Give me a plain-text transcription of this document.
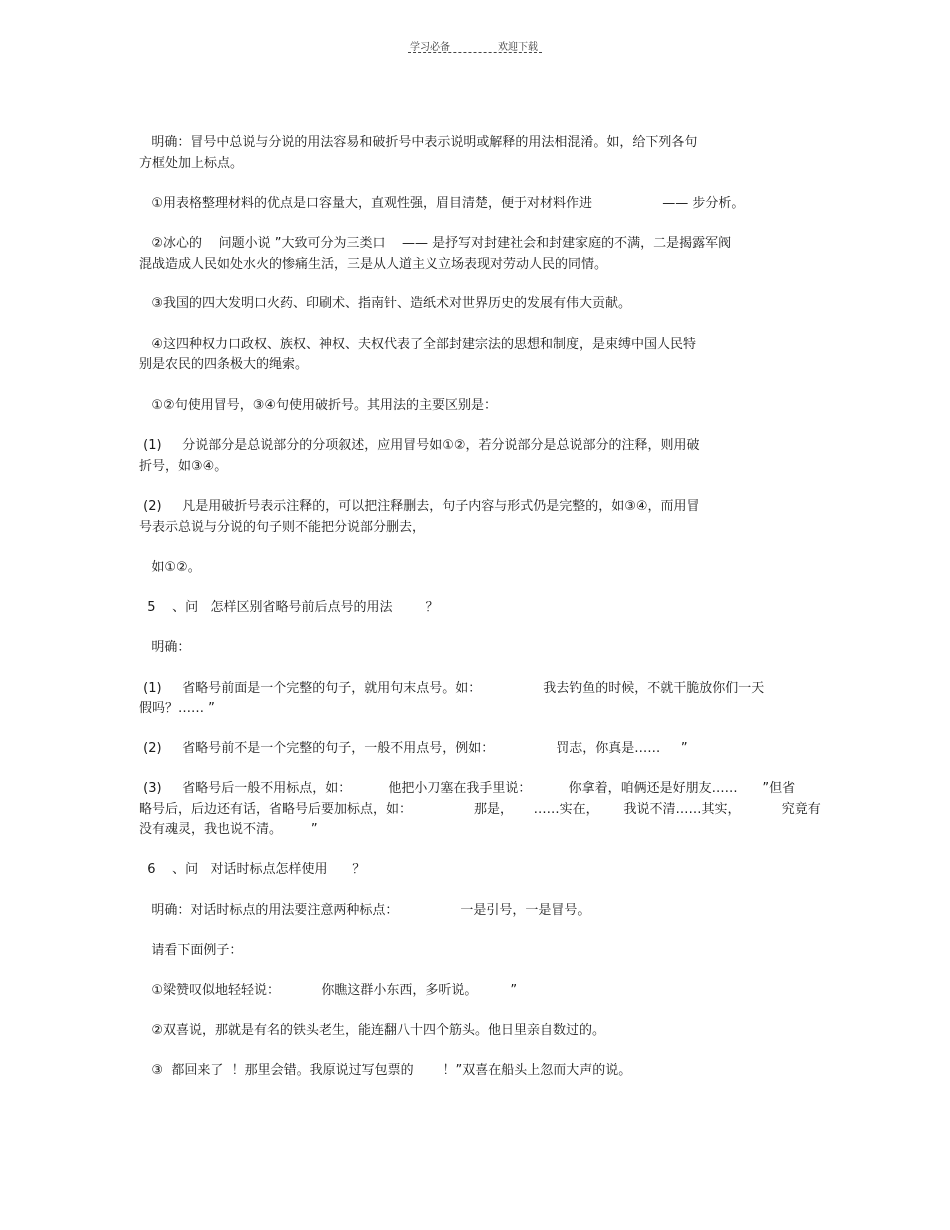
学习必备	欢迎下载
明确：冒号中总说与分说的用法容易和破折号中表示说明或解释的用法相混淆。如，给下列各句
方框处加上标点。
①用表格整理材料的优点是口容量大，直观性强，眉目清楚，便于对材料作进                 —— 步分析。
②冰心的    问题小说 ”大致可分为三类口    —— 是抒写对封建社会和封建家庭的不满，二是揭露军阀
混战造成人民如处水火的惨痛生活，三是从人道主义立场表现对劳动人民的同情。
③我国的四大发明口火药、印刷术、指南针、造纸术对世界历史的发展有伟大贡献。
④这四种权力口政权、族权、神权、夫权代表了全部封建宗法的思想和制度，是束缚中国人民特
别是农民的四条极大的绳索。
①②句使用冒号，③④句使用破折号。其用法的主要区别是：
(1)     分说部分是总说部分的分项叙述，应用冒号如①②，若分说部分是总说部分的注释，则用破
折号，如③④。
(2)     凡是用破折号表示注释的，可以把注释删去，句子内容与形式仍是完整的，如③④，而用冒
号表示总说与分说的句子则不能把分说部分删去，
如①②。
5    、问   怎样区别省略号前后点号的用法        ？
明确：
(1)     省略号前面是一个完整的句子，就用句末点号。如：               我去钓鱼的时候，不就干脆放你们一天
假吗？…… ”
(2)     省略号前不是一个完整的句子，一般不用点号，例如：               罚志，你真是……     ”
(3)     省略号后一般不用标点，如：         他把小刀塞在我手里说：         你拿着，咱俩还是好朋友……      ”但省
略号后，后边还有话，省略号后要加标点，如：               那是，     ……实在，      我说不清……其实，          究竟有
没有魂灵，我也说不清。       ”
6    、问   对话时标点怎样使用      ？
明确：对话时标点的用法要注意两种标点：               一是引号，一是冒号。
请看下面例子：
①梁赞叹似地轻轻说：          你瞧这群小东西，多听说。        ”
②双喜说，那就是有名的铁头老生，能连翻八十四个筋头。他日里亲自数过的。
③  都回来了  ！那里会错。我原说过写包票的       ！”双喜在船头上忽而大声的说。
